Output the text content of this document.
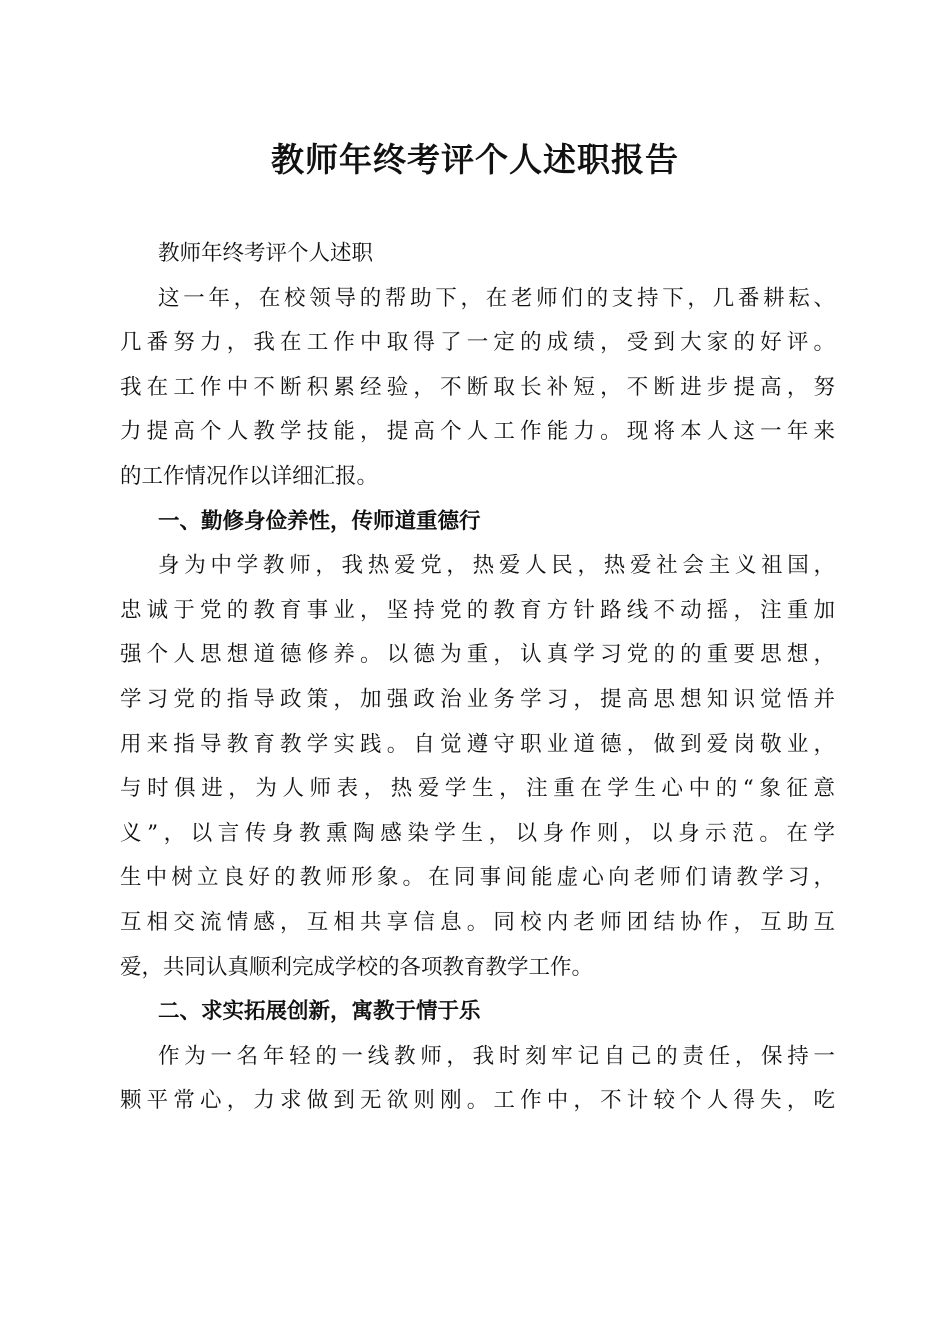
教师年终考评个人述职报告
教师年终考评个人述职
这一年，在校领导的帮助下，在老师们的支持下，几番耕耘、
几番努力，我在工作中取得了一定的成绩，受到大家的好评。
我在工作中不断积累经验，不断取长补短，不断进步提高，努
力提高个人教学技能，提高个人工作能力。现将本人这一年来
的工作情况作以详细汇报。
一、勤修身俭养性，传师道重德行
身为中学教师，我热爱党，热爱人民，热爱社会主义祖国，
忠诚于党的教育事业，坚持党的教育方针路线不动摇，注重加
强个人思想道德修养。以德为重，认真学习党的的重要思想，
学习党的指导政策，加强政治业务学习，提高思想知识觉悟并
用来指导教育教学实践。自觉遵守职业道德，做到爱岗敬业，
与时俱进，为人师表，热爱学生，注重在学生心中的“象征意
义”，以言传身教熏陶感染学生，以身作则，以身示范。在学
生中树立良好的教师形象。在同事间能虚心向老师们请教学习，
互相交流情感，互相共享信息。同校内老师团结协作，互助互
爱，共同认真顺利完成学校的各项教育教学工作。
二、求实拓展创新，寓教于情于乐
作为一名年轻的一线教师，我时刻牢记自己的责任，保持一
颗平常心，力求做到无欲则刚。工作中，不计较个人得失，吃
